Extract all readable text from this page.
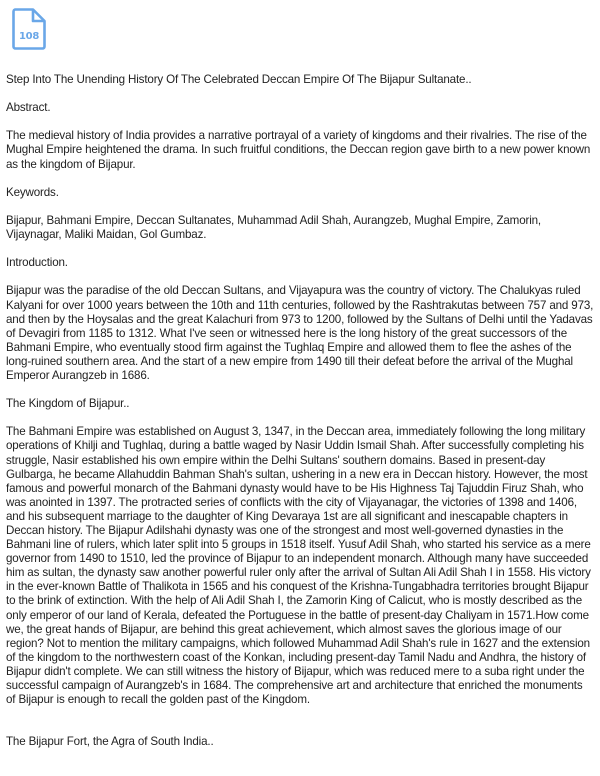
108

Step Into The Unending History Of The Celebrated Deccan Empire Of The Bijapur Sultanate..

Abstract.

The medieval history of India provides a narrative portrayal of a variety of kingdoms and their rivalries. The rise of the Mughal Empire heightened the drama. In such fruitful conditions, the Deccan region gave birth to a new power known as the kingdom of Bijapur.

Keywords.

Bijapur, Bahmani Empire, Deccan Sultanates, Muhammad Adil Shah, Aurangzeb, Mughal Empire, Zamorin, Vijaynagar, Maliki Maidan, Gol Gumbaz.

Introduction.

Bijapur was the paradise of the old Deccan Sultans, and Vijayapura was the country of victory. The Chalukyas ruled Kalyani for over 1000 years between the 10th and 11th centuries, followed by the Rashtrakutas between 757 and 973, and then by the Hoysalas and the great Kalachuri from 973 to 1200, followed by the Sultans of Delhi until the Yadavas of Devagiri from 1185 to 1312. What I've seen or witnessed here is the long history of the great successors of the Bahmani Empire, who eventually stood firm against the Tughlaq Empire and allowed them to flee the ashes of the long-ruined southern area. And the start of a new empire from 1490 till their defeat before the arrival of the Mughal Emperor Aurangzeb in 1686.

The Kingdom of Bijapur..

The Bahmani Empire was established on August 3, 1347, in the Deccan area, immediately following the long military operations of Khilji and Tughlaq, during a battle waged by Nasir Uddin Ismail Shah. After successfully completing his struggle, Nasir established his own empire within the Delhi Sultans' southern domains. Based in present-day Gulbarga, he became Allahuddin Bahman Shah's sultan, ushering in a new era in Deccan history. However, the most famous and powerful monarch of the Bahmani dynasty would have to be His Highness Taj Tajuddin Firuz Shah, who was anointed in 1397. The protracted series of conflicts with the city of Vijayanagar, the victories of 1398 and 1406, and his subsequent marriage to the daughter of King Devaraya 1st are all significant and inescapable chapters in Deccan history. The Bijapur Adilshahi dynasty was one of the strongest and most well-governed dynasties in the Bahmani line of rulers, which later split into 5 groups in 1518 itself. Yusuf Adil Shah, who started his service as a mere governor from 1490 to 1510, led the province of Bijapur to an independent monarch. Although many have succeeded him as sultan, the dynasty saw another powerful ruler only after the arrival of Sultan Ali Adil Shah I in 1558. His victory in the ever-known Battle of Thalikota in 1565 and his conquest of the Krishna-Tungabhadra territories brought Bijapur to the brink of extinction. With the help of Ali Adil Shah I, the Zamorin King of Calicut, who is mostly described as the only emperor of our land of Kerala, defeated the Portuguese in the battle of present-day Chaliyam in 1571.How come we, the great hands of Bijapur, are behind this great achievement, which almost saves the glorious image of our region? Not to mention the military campaigns, which followed Muhammad Adil Shah's rule in 1627 and the extension of the kingdom to the northwestern coast of the Konkan, including present-day Tamil Nadu and Andhra, the history of Bijapur didn't complete. We can still witness the history of Bijapur, which was reduced mere to a suba right under the successful campaign of Aurangzeb's in 1684. The comprehensive art and architecture that enriched the monuments of Bijapur is enough to recall the golden past of the Kingdom.

The Bijapur Fort, the Agra of South India..
